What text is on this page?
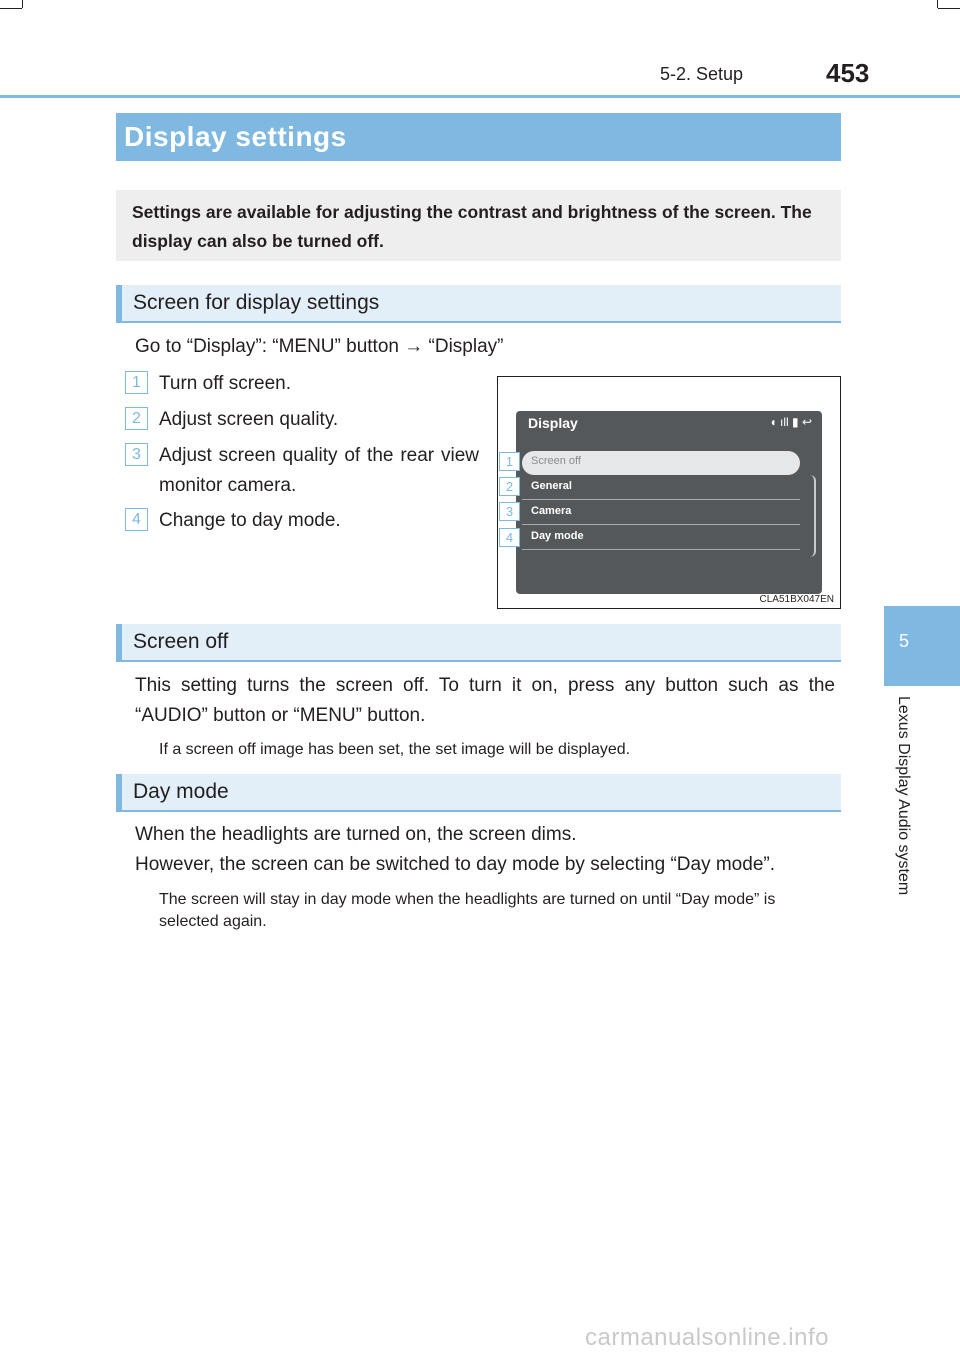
5-2. Setup	453
5
Lexus Display Audio system
Display settings
Settings are available for adjusting the contrast and brightness of the screen. The display can also be turned off.
Screen for display settings
Go to “Display”: “MENU” button → “Display”
1 Turn off screen.
2 Adjust screen quality.
3 Adjust screen quality of the rear view monitor camera.
4 Change to day mode.
Display	◖ ıll ▮ ↩
Screen off
General
Camera
Day mode
1
2
3
4
CLA51BX047EN
Screen off
This setting turns the screen off. To turn it on, press any button such as the “AUDIO” button or “MENU” button.
If a screen off image has been set, the set image will be displayed.
Day mode
When the headlights are turned on, the screen dims.
However, the screen can be switched to day mode by selecting “Day mode”.
The screen will stay in day mode when the headlights are turned on until “Day mode” is selected again.
carmanualsonline.info
